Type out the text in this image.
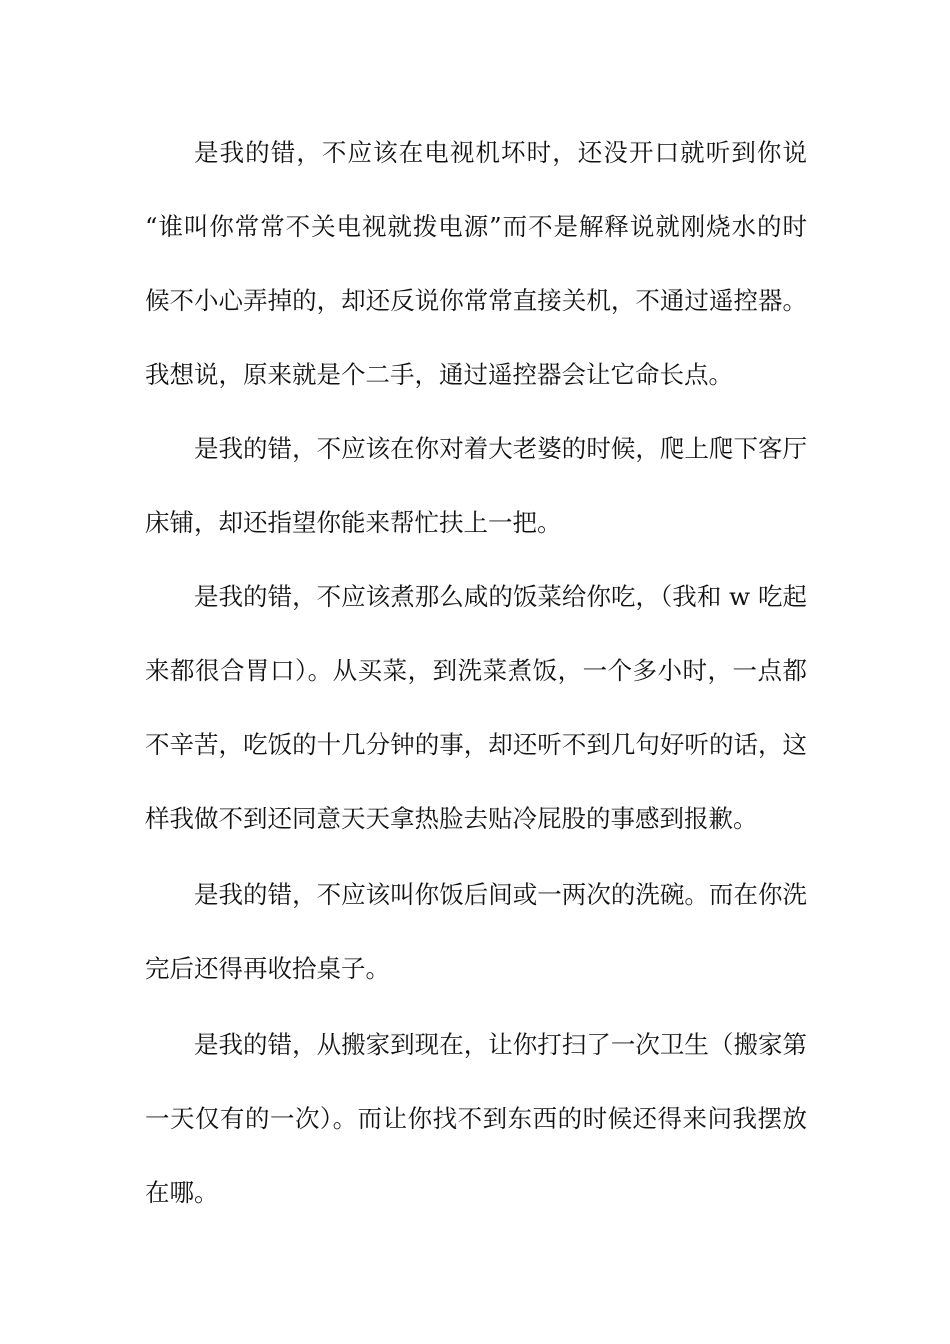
是我的错，不应该在电视机坏时，还没开口就听到你说
“谁叫你常常不关电视就拨电源”而不是解释说就刚烧水的时
候不小心弄掉的，却还反说你常常直接关机，不通过遥控器。
我想说，原来就是个二手，通过遥控器会让它命长点。
是我的错，不应该在你对着大老婆的时候，爬上爬下客厅
床铺，却还指望你能来帮忙扶上一把。
是我的错，不应该煮那么咸的饭菜给你吃，（我和 w 吃起
来都很合胃口）。从买菜，到洗菜煮饭，一个多小时，一点都
不辛苦，吃饭的十几分钟的事，却还听不到几句好听的话，这
样我做不到还同意天天拿热脸去贴冷屁股的事感到报歉。
是我的错，不应该叫你饭后间或一两次的洗碗。而在你洗
完后还得再收拾桌子。
是我的错，从搬家到现在，让你打扫了一次卫生（搬家第
一天仅有的一次）。而让你找不到东西的时候还得来问我摆放
在哪。
